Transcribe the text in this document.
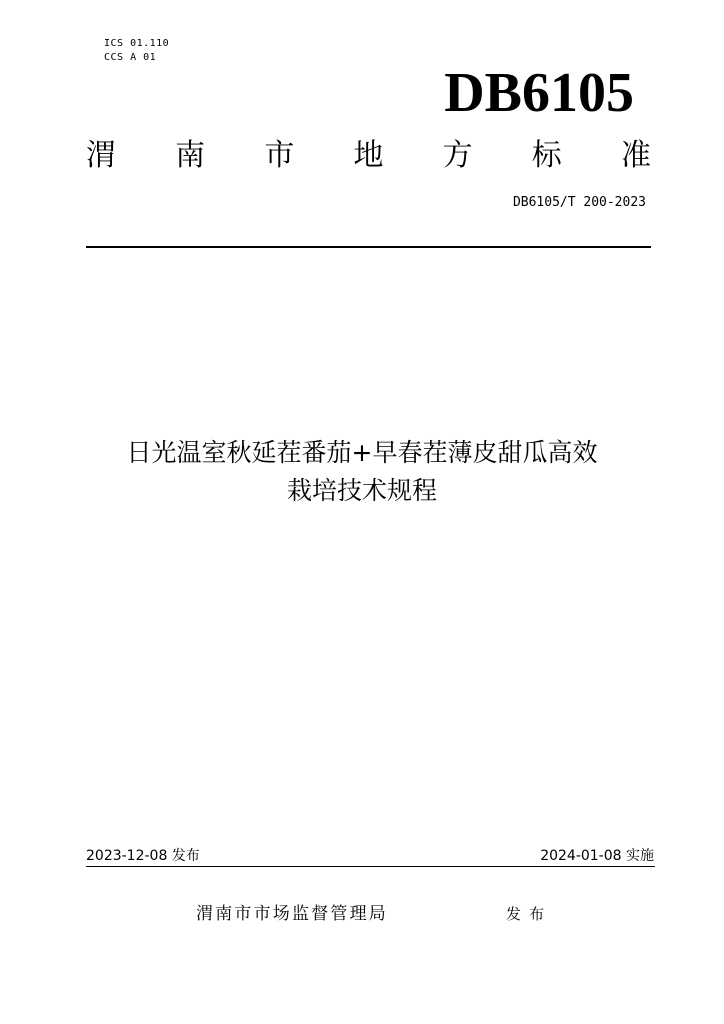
ICS 01.110
CCS A 01
DB6105
渭 南 市 地 方 标 准
DB6105/T 200-2023
日光温室秋延茬番茄+早春茬薄皮甜瓜高效
栽培技术规程
2023-12-08 发布	2024-01-08 实施
渭南市市场监督管理局	发布
